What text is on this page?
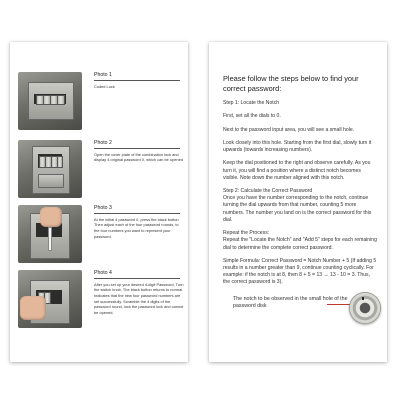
Photo 1
Coded Lock
Photo 2
Open the cover plate of the combination lock and display 4 original password 0, which can be opened
Photo 3
At the initial 4 password 0, press the black button. Then adjust each of the four password rounds, to the four numbers you want to represent your password.
Photo 4
After you set up your desired 4-digit Password, Turn the switch knob. The black button returns to normal. Indicates that the new four password numbers are set successfully. Scramble the 4 digits of the password round, lock the password lock and cannot be opened.
Please follow the steps below to find your correct password:

Step 1: Locate the Notch

First, set all the dials to 0.

Next to the password input area, you will see a small hole.

Look closely into this hole. Starting from the first dial, slowly turn it upwards (towards increasing numbers).

Keep the dial positioned to the right and observe carefully. As you turn it, you will find a position where a distinct notch becomes visible. Note down the number aligned with this notch.

Step 2: Calculate the Correct Password

Once you have the number corresponding to the notch, continue turning the dial upwards from that number, counting 5 more numbers. The number you land on is the correct password for this dial.

Repeat the Process:

Repeat the "Locate the Notch" and "Add 5" steps for each remaining dial to determine the complete correct password.

Simple Formula: Correct Password = Notch Number + 5 (If adding 5 results in a number greater than 9, continue counting cyclically. For example: if the notch is at 8, then 8 + 5 = 13 → 13 - 10 = 3. Thus, the correct password is 3).

The notch to be observed in the small hole of the password disk
